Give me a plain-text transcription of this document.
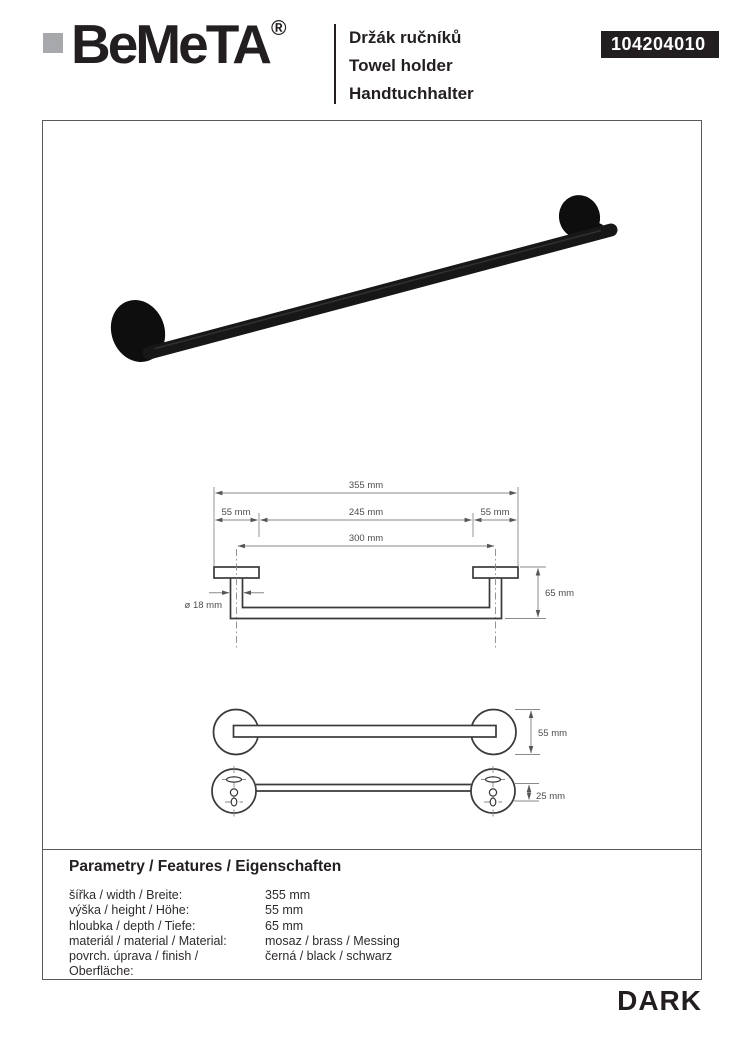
BeMeTA®	Držák ručníků
Towel holder
Handtuchhalter
104204010
355 mm
55 mm	245 mm	55 mm
300 mm
ø 18 mm
65 mm
55 mm
25 mm
Parametry / Features / Eigenschaften
šířka / width / Breite:	355 mm
výška / height / Höhe:	55 mm
hloubka / depth / Tiefe:	65 mm
materiál / material / Material:	mosaz / brass / Messing
povrch. úprava / finish / Oberfläche:
černá / black / schwarz
DARK
